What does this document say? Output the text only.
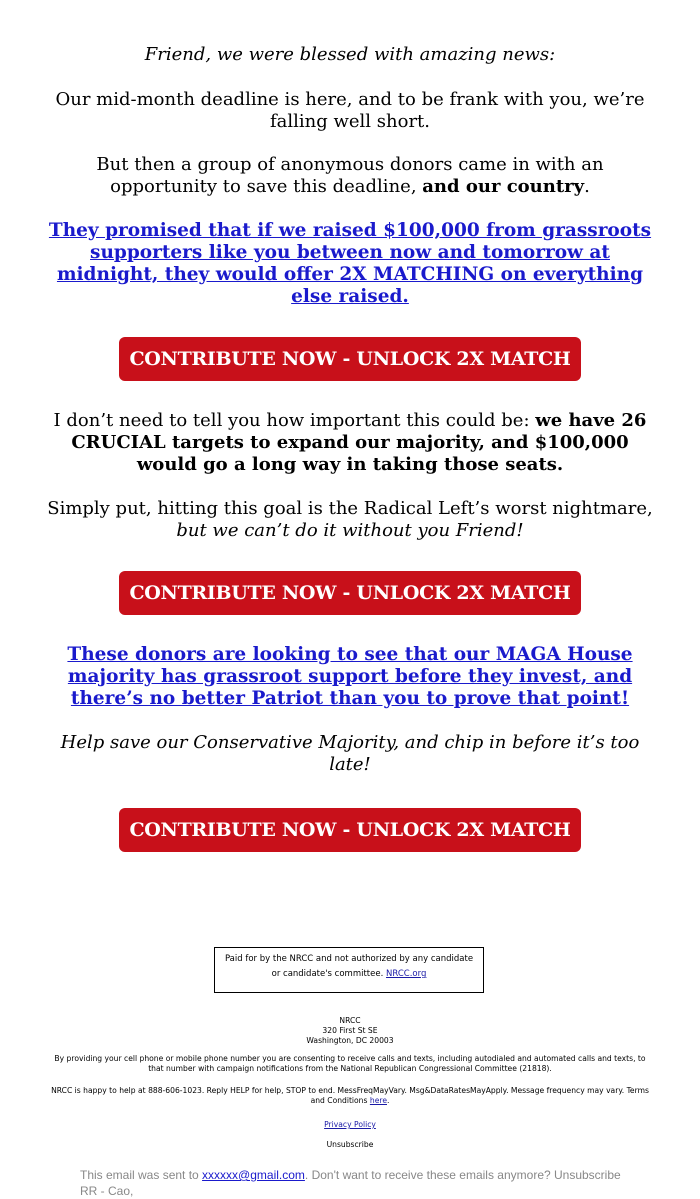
Friend, we were blessed with amazing news:

Our mid-month deadline is here, and to be frank with you, we’re falling well short.

But then a group of anonymous donors came in with an opportunity to save this deadline, and our country.

They promised that if we raised $100,000 from grassroots supporters like you between now and tomorrow at midnight, they would offer 2X MATCHING on everything else raised.

CONTRIBUTE NOW - UNLOCK 2X MATCH

I don’t need to tell you how important this could be: we have 26 CRUCIAL targets to expand our majority, and $100,000 would go a long way in taking those seats.

Simply put, hitting this goal is the Radical Left’s worst nightmare, but we can’t do it without you Friend!

CONTRIBUTE NOW - UNLOCK 2X MATCH

These donors are looking to see that our MAGA House majority has grassroot support before they invest, and there’s no better Patriot than you to prove that point!

Help save our Conservative Majority, and chip in before it’s too late!

CONTRIBUTE NOW - UNLOCK 2X MATCH
Paid for by the NRCC and not authorized by any candidate or candidate's committee. NRCC.org
NRCC
320 First St SE
Washington, DC 20003
By providing your cell phone or mobile phone number you are consenting to receive calls and texts, including autodialed and automated calls and texts, to that number with campaign notifications from the National Republican Congressional Committee (21818).
NRCC is happy to help at 888-606-1023. Reply HELP for help, STOP to end. MessFreqMayVary. Msg&DataRatesMayApply. Message frequency may vary. Terms and Conditions here.
Privacy Policy
Unsubscribe
This email was sent to xxxxxx@gmail.com. Don't want to receive these emails anymore? Unsubscribe
RR - Cao,
